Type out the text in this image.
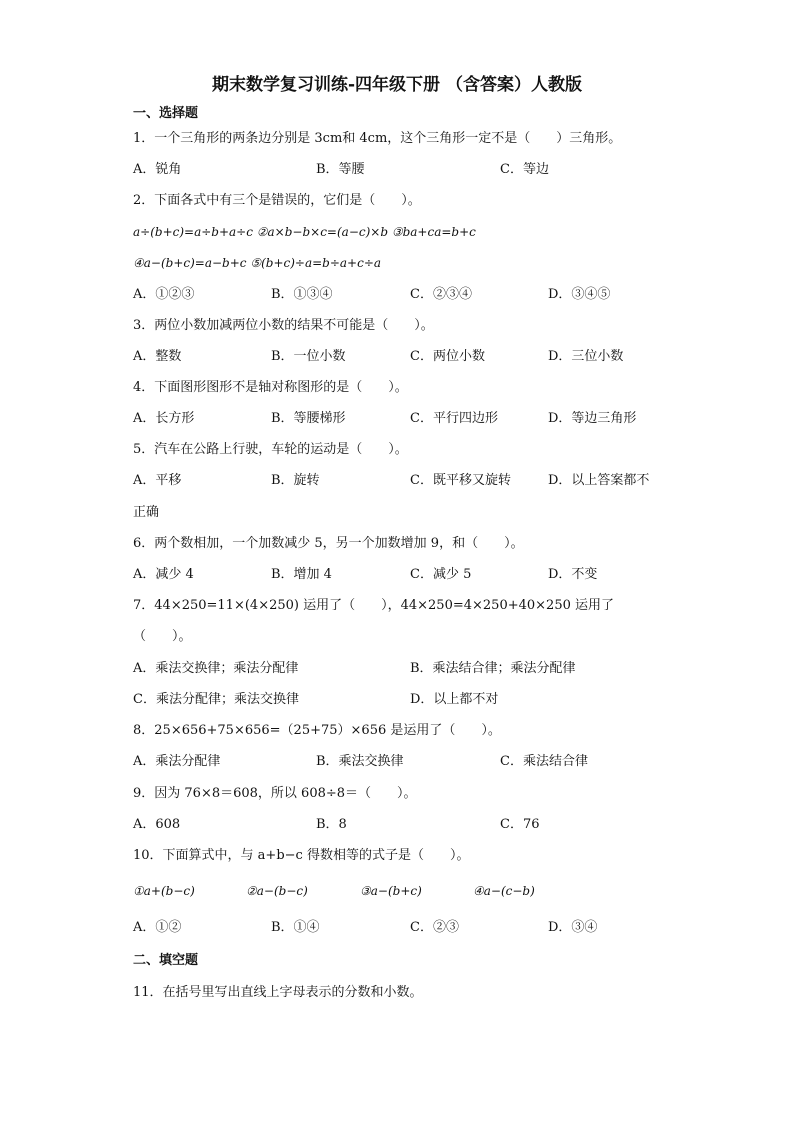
期末数学复习训练-四年级下册 （含答案）人教版
一、选择题
1．一个三角形的两条边分别是 3cm和 4cm，这个三角形一定不是（　　）三角形。
A．锐角	B．等腰	C．等边
2．下面各式中有三个是错误的，它们是（　　）。
a÷(b+c)=a÷b+a÷c ②a×b−b×c=(a−c)×b ③ba+ca=b+c
④a−(b+c)=a−b+c ⑤(b+c)÷a=b÷a+c÷a
A．①②③	B．①③④	C．②③④	D．③④⑤
3．两位小数加减两位小数的结果不可能是（　　）。
A．整数	B．一位小数	C．两位小数	D．三位小数
4．下面图形图形不是轴对称图形的是（　　）。
A．长方形	B．等腰梯形	C．平行四边形	D．等边三角形
5．汽车在公路上行驶，车轮的运动是（　　）。
A．平移	B．旋转	C．既平移又旋转	D．以上答案都不
正确
6．两个数相加，一个加数减少 5，另一个加数增加 9，和（　　）。
A．减少 4	B．增加 4	C．减少 5	D．不变
7．44×250=11×(4×250) 运用了（　　），44×250=4×250+40×250 运用了
（　　）。
A．乘法交换律；乘法分配律	B．乘法结合律；乘法分配律
C．乘法分配律；乘法交换律	D．以上都不对
8．25×656+75×656=（25+75）×656 是运用了（　　）。
A．乘法分配律	B．乘法交换律	C．乘法结合律
9．因为 76×8＝608，所以 608÷8＝（　　）。
A．608	B．8	C．76
10．下面算式中，与 a+b−c 得数相等的式子是（　　）。
①a+(b−c)	②a−(b−c)	③a−(b+c)	④a−(c−b)
A．①②	B．①④	C．②③	D．③④
二、填空题
11．在括号里写出直线上字母表示的分数和小数。
